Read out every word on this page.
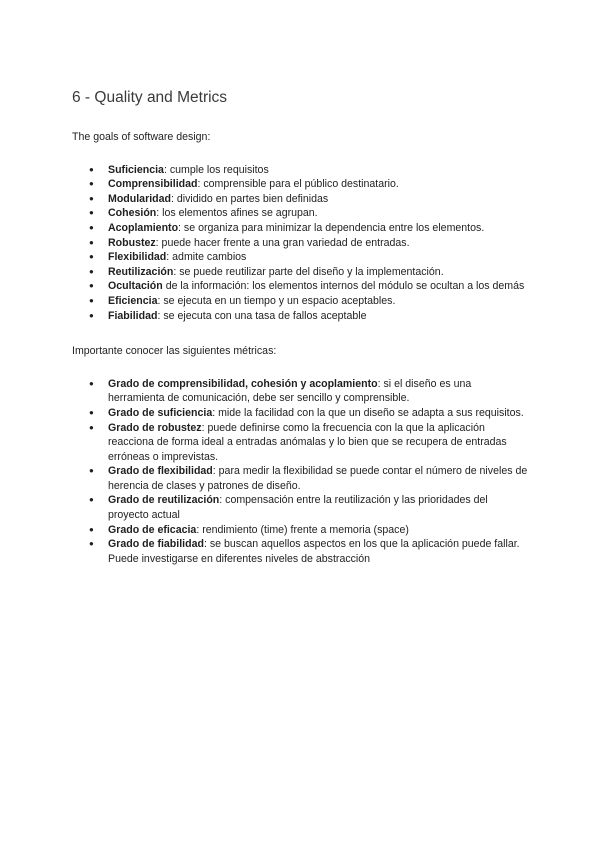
6 - Quality and Metrics

The goals of software design:

● Suficiencia: cumple los requisitos
● Comprensibilidad: comprensible para el público destinatario.
● Modularidad: dividido en partes bien definidas
● Cohesión: los elementos afines se agrupan.
● Acoplamiento: se organiza para minimizar la dependencia entre los elementos.
● Robustez: puede hacer frente a una gran variedad de entradas.
● Flexibilidad: admite cambios
● Reutilización: se puede reutilizar parte del diseño y la implementación.
● Ocultación de la información: los elementos internos del módulo se ocultan a los demás
● Eficiencia: se ejecuta en un tiempo y un espacio aceptables.
● Fiabilidad: se ejecuta con una tasa de fallos aceptable

Importante conocer las siguientes métricas:

● Grado de comprensibilidad, cohesión y acoplamiento: si el diseño es una herramienta de comunicación, debe ser sencillo y comprensible.
● Grado de suficiencia: mide la facilidad con la que un diseño se adapta a sus requisitos.
● Grado de robustez: puede definirse como la frecuencia con la que la aplicación reacciona de forma ideal a entradas anómalas y lo bien que se recupera de entradas erróneas o imprevistas.
● Grado de flexibilidad: para medir la flexibilidad se puede contar el número de niveles de herencia de clases y patrones de diseño.
● Grado de reutilización: compensación entre la reutilización y las prioridades del proyecto actual
● Grado de eficacia: rendimiento (time) frente a memoria (space)
● Grado de fiabilidad: se buscan aquellos aspectos en los que la aplicación puede fallar. Puede investigarse en diferentes niveles de abstracción
